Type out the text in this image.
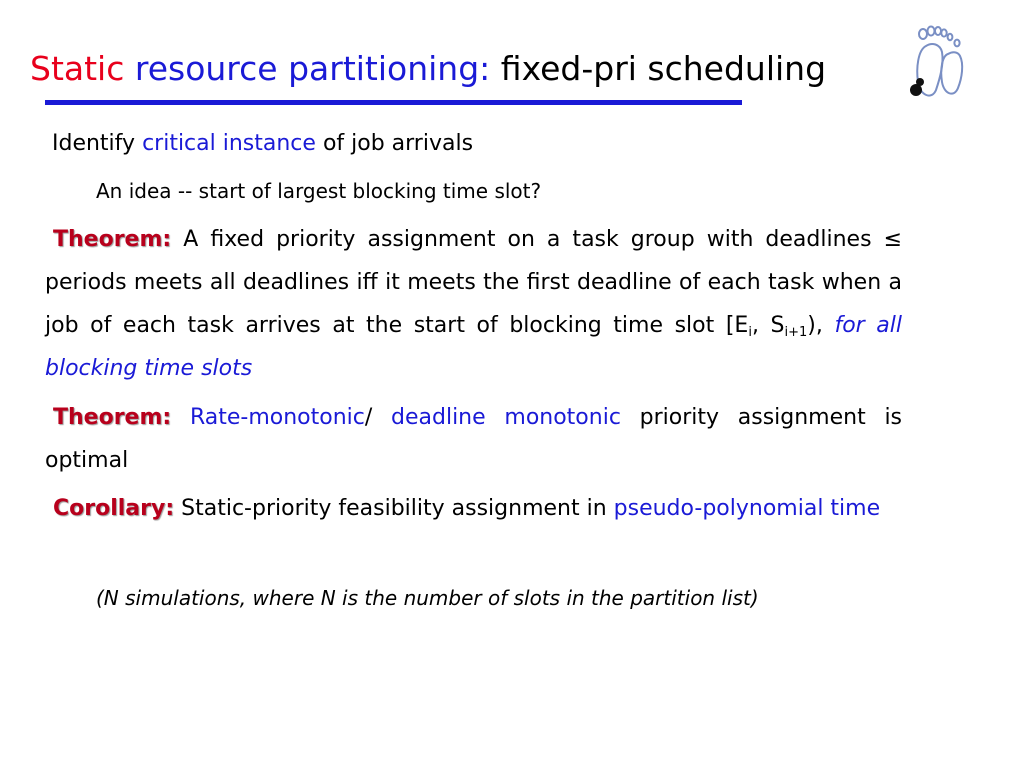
Static resource partitioning: fixed-pri scheduling
Identify critical instance of job arrivals
An idea -- start of largest blocking time slot?
Theorem: A fixed priority assignment on a task group with deadlines ≤ periods meets all deadlines iff it meets the first deadline of each task when a job of each task arrives at the start of blocking time slot [$E_i$, $S_{i+1}$), for all blocking time slots
Theorem: Rate-monotonic/ deadline monotonic priority assignment is optimal
Corollary: Static-priority feasibility assignment in pseudo-polynomial time
(N simulations, where N is the number of slots in the partition list)
